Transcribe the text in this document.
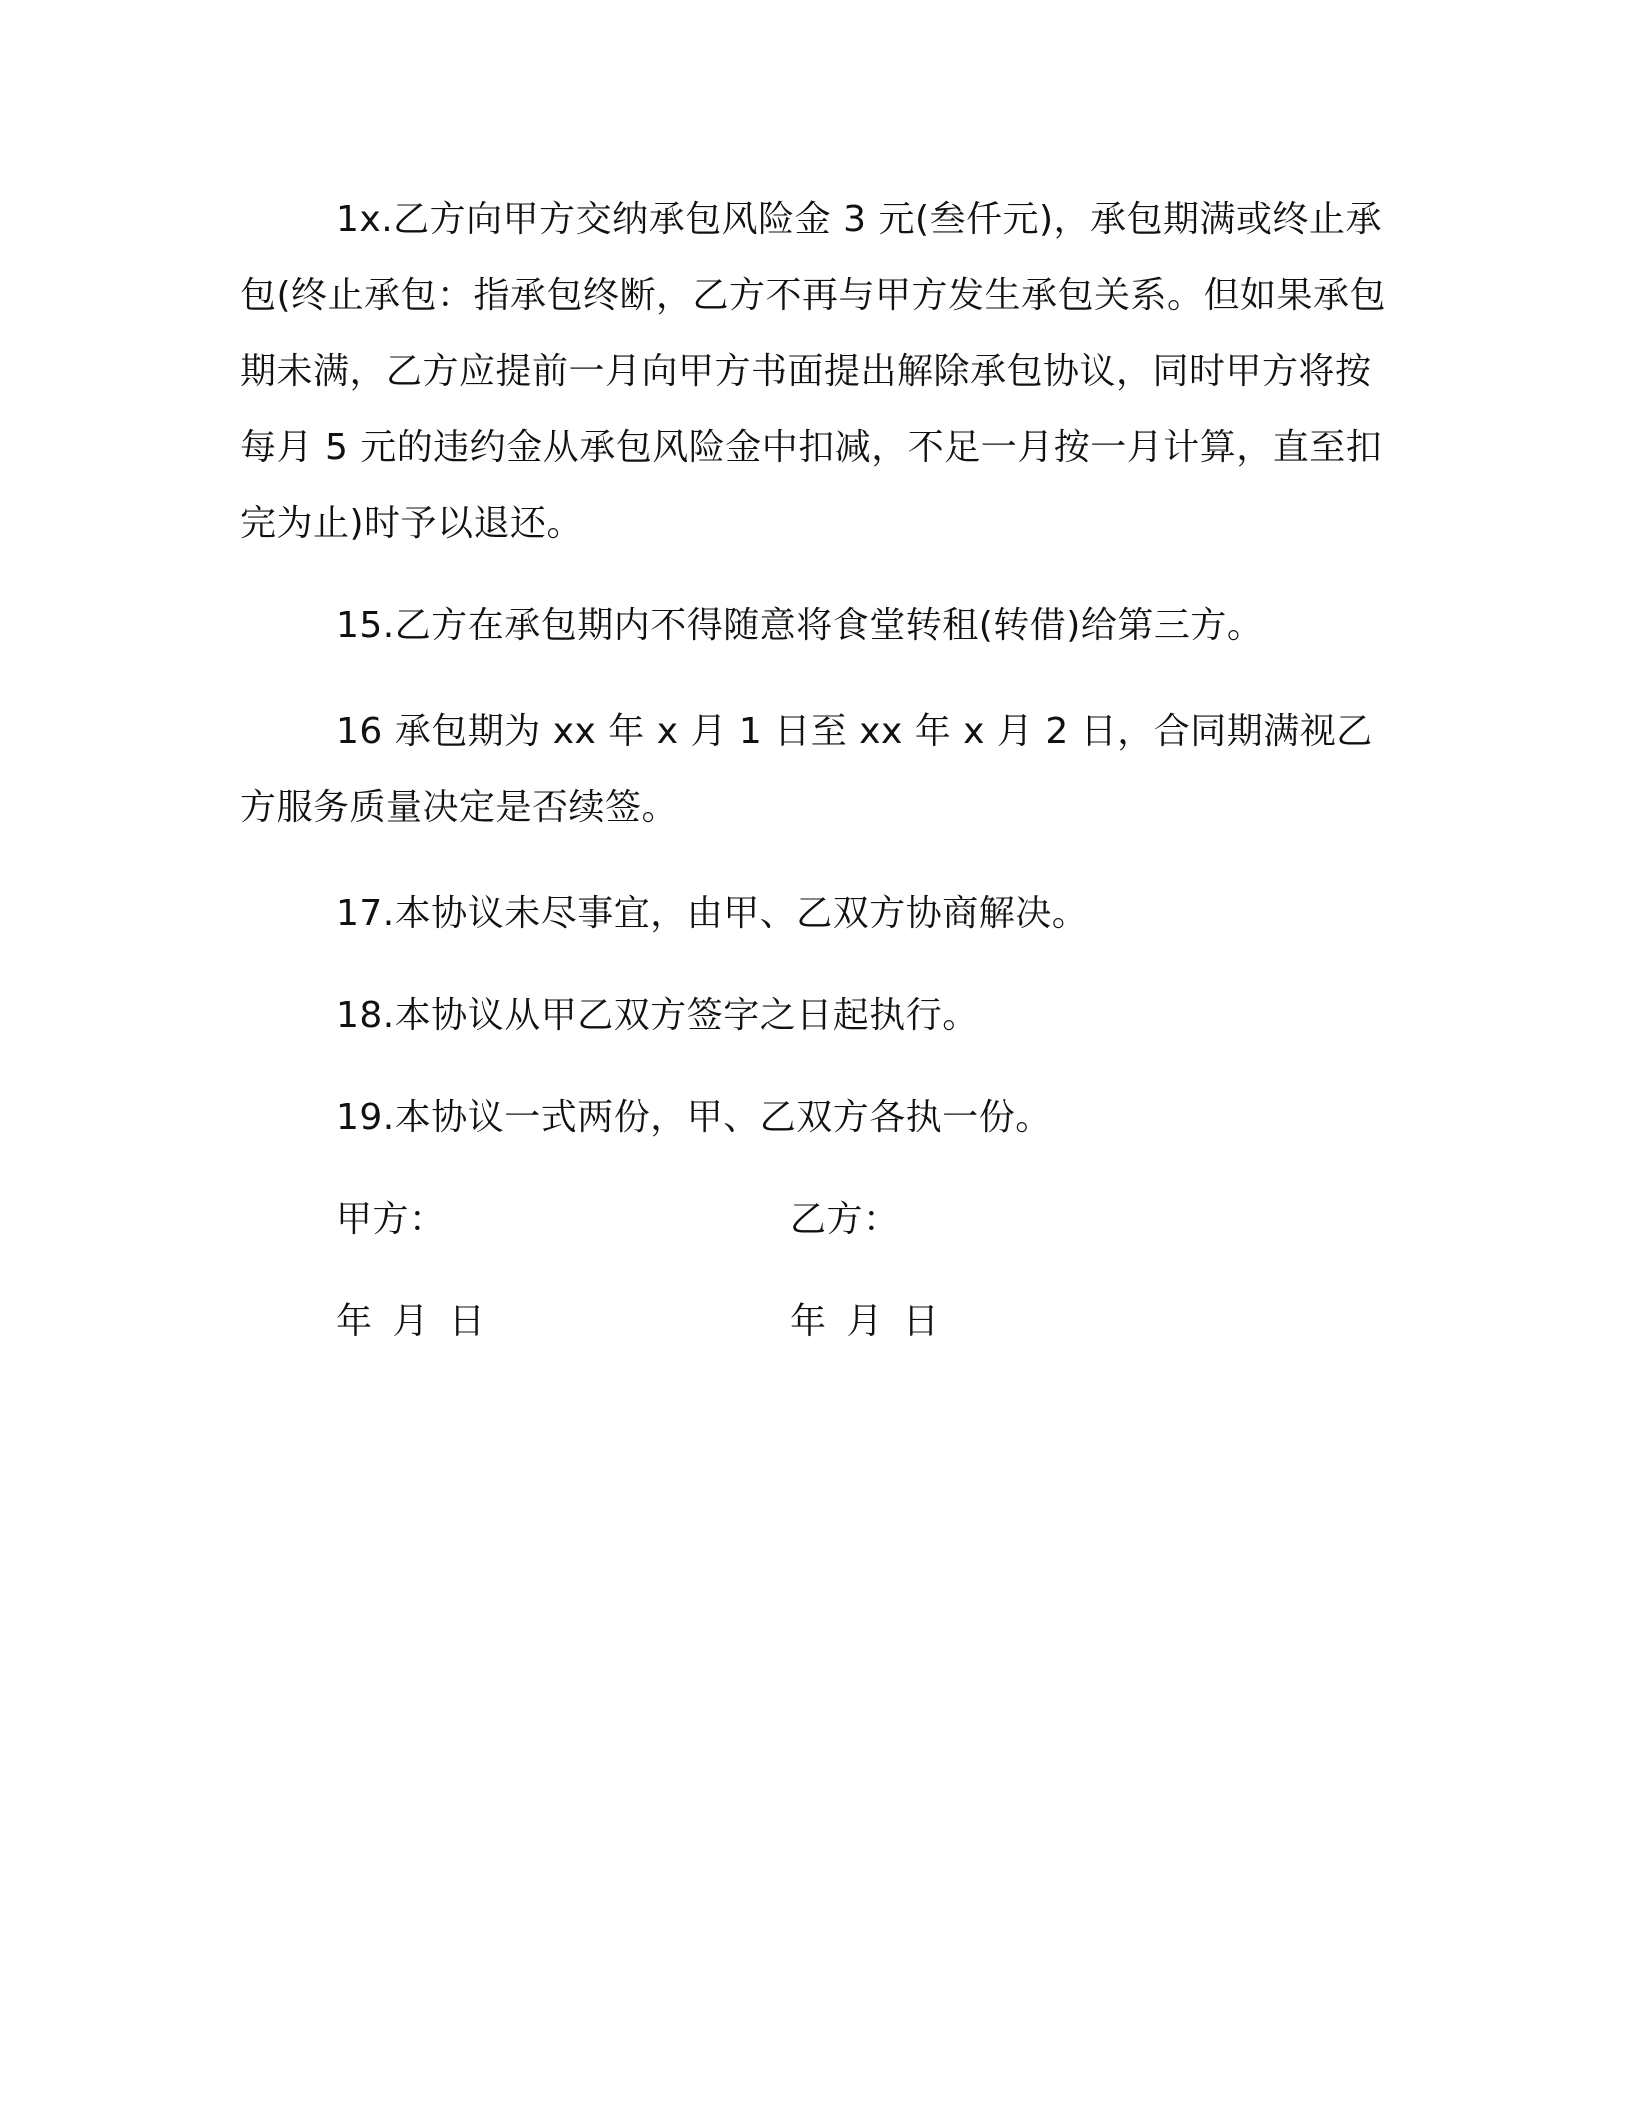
1x.乙方向甲方交纳承包风险金 3 元(叁仟元)，承包期满或终止承包(终止承包：指承包终断，乙方不再与甲方发生承包关系。但如果承包期未满，乙方应提前一月向甲方书面提出解除承包协议，同时甲方将按每月 5 元的违约金从承包风险金中扣减，不足一月按一月计算，直至扣完为止)时予以退还。

15.乙方在承包期内不得随意将食堂转租(转借)给第三方。

16 承包期为 xx 年 x 月 1 日至 xx 年 x 月 2 日，合同期满视乙方服务质量决定是否续签。

17.本协议未尽事宜，由甲、乙双方协商解决。

18.本协议从甲乙双方签字之日起执行。

19.本协议一式两份，甲、乙双方各执一份。

甲方：	乙方：

年 月 日	年 月 日
